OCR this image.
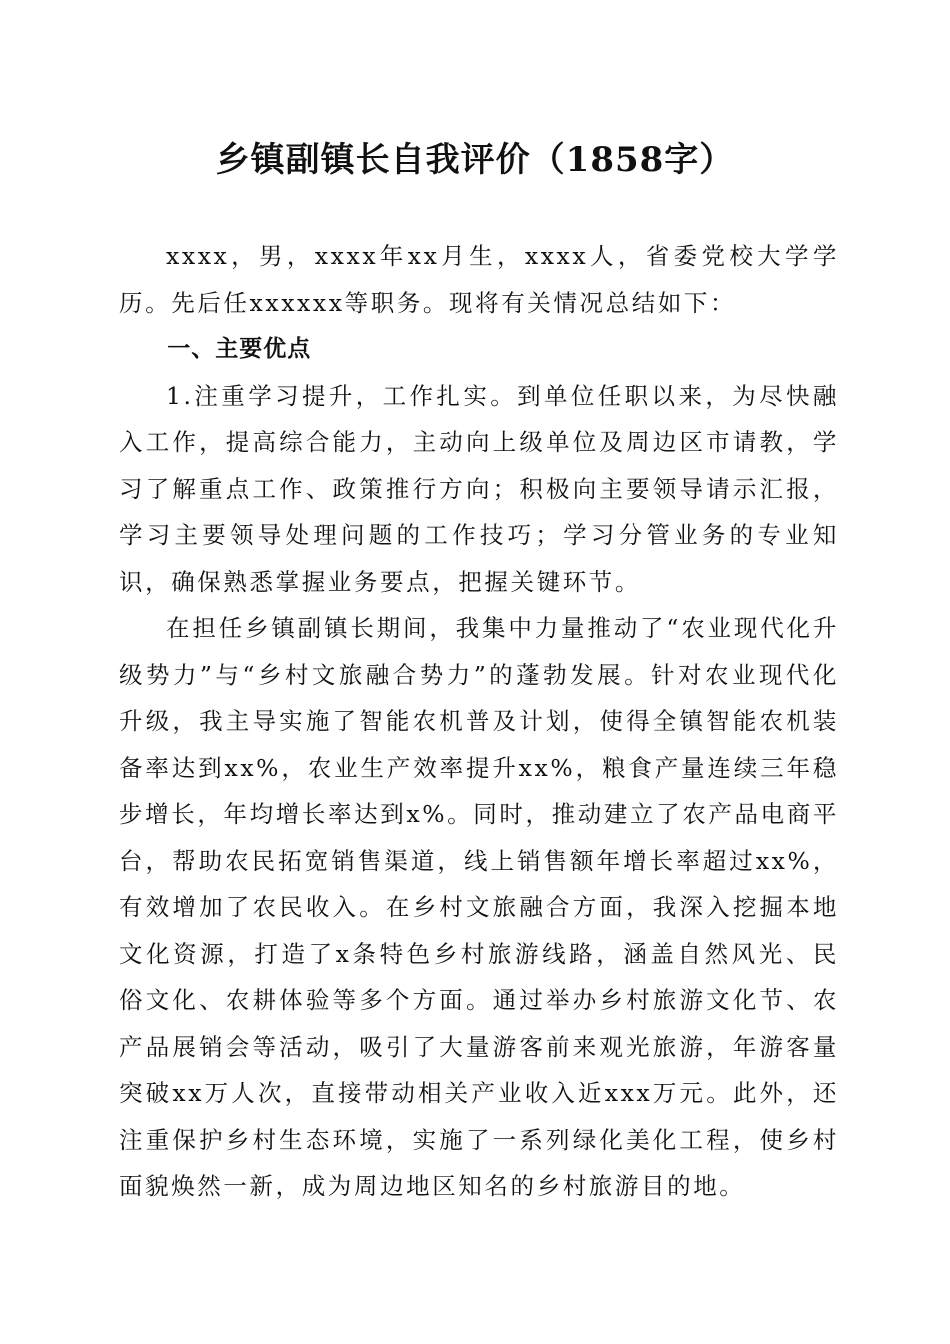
乡镇副镇长自我评价（1858字）

xxxx，男，xxxx年xx月生，xxxx人，省委党校大学学历。先后任xxxxxx等职务。现将有关情况总结如下：

一、主要优点

1.注重学习提升，工作扎实。到单位任职以来，为尽快融入工作，提高综合能力，主动向上级单位及周边区市请教，学习了解重点工作、政策推行方向；积极向主要领导请示汇报，学习主要领导处理问题的工作技巧；学习分管业务的专业知识，确保熟悉掌握业务要点，把握关键环节。

在担任乡镇副镇长期间，我集中力量推动了“农业现代化升级势力”与“乡村文旅融合势力”的蓬勃发展。针对农业现代化升级，我主导实施了智能农机普及计划，使得全镇智能农机装备率达到xx%，农业生产效率提升xx%，粮食产量连续三年稳步增长，年均增长率达到x%。同时，推动建立了农产品电商平台，帮助农民拓宽销售渠道，线上销售额年增长率超过xx%，有效增加了农民收入。在乡村文旅融合方面，我深入挖掘本地文化资源，打造了x条特色乡村旅游线路，涵盖自然风光、民俗文化、农耕体验等多个方面。通过举办乡村旅游文化节、农产品展销会等活动，吸引了大量游客前来观光旅游，年游客量突破xx万人次，直接带动相关产业收入近xxx万元。此外，还注重保护乡村生态环境，实施了一系列绿化美化工程，使乡村面貌焕然一新，成为周边地区知名的乡村旅游目的地。
